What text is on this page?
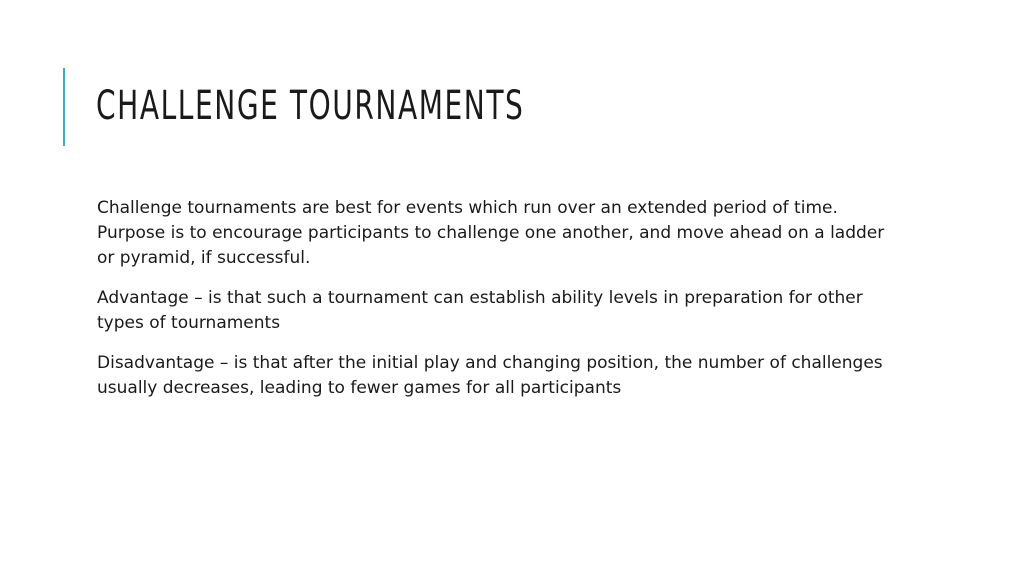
CHALLENGE TOURNAMENTS

Challenge tournaments are best for events which run over an extended period of time. Purpose is to encourage participants to challenge one another, and move ahead on a ladder or pyramid, if successful.

Advantage – is that such a tournament can establish ability levels in preparation for other types of tournaments

Disadvantage – is that after the initial play and changing position, the number of challenges usually decreases, leading to fewer games for all participants
